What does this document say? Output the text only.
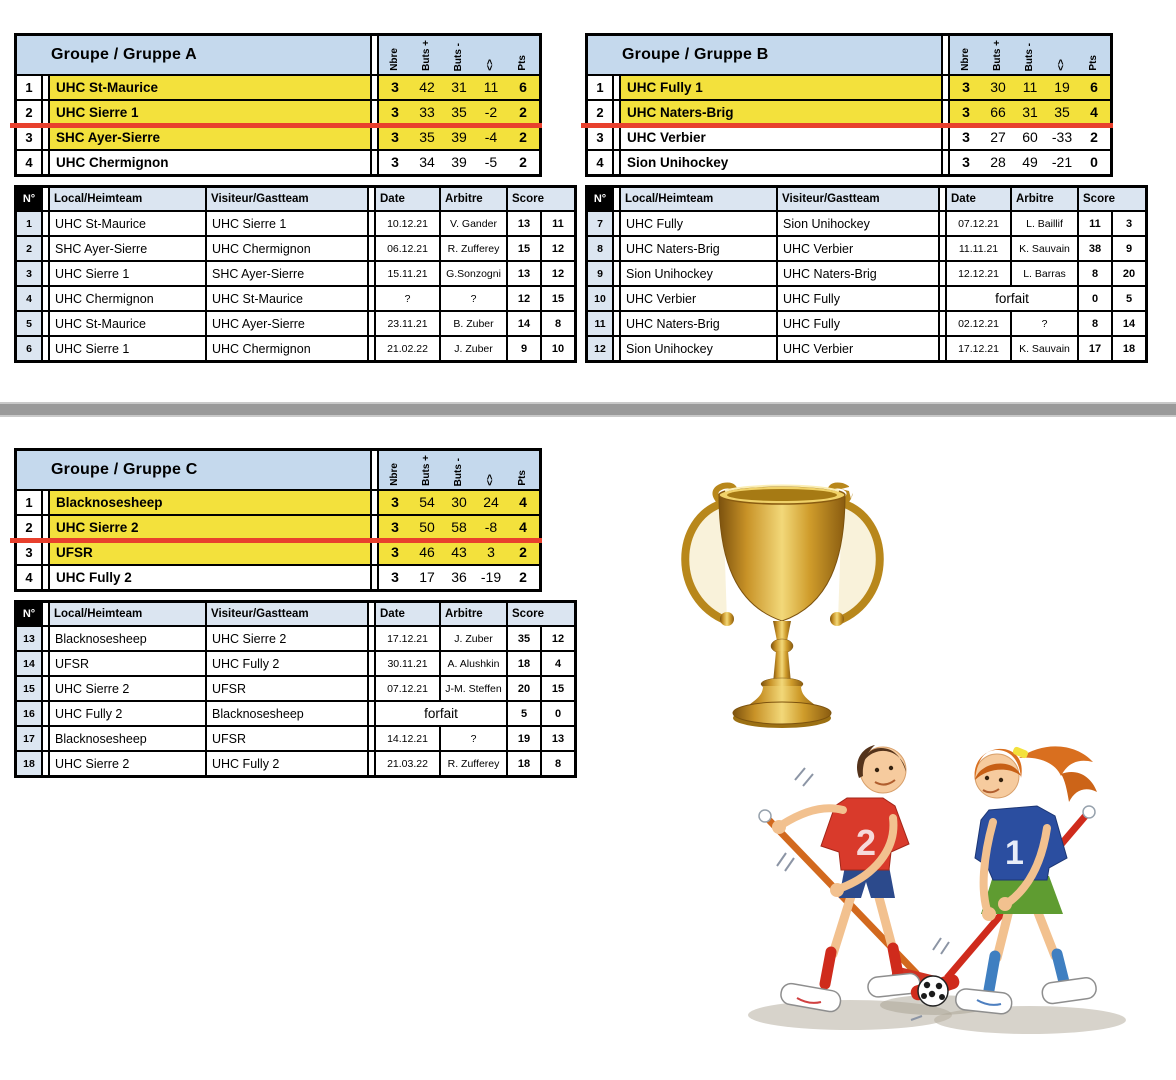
Groupe / Gruppe A	Nbre Buts + Buts - <> Pts
1	UHC St-Maurice	3	42	31	11	6
2	UHC Sierre 1	3	33	35	-2	2
3	SHC Ayer-Sierre	3	35	39	-4	2
4	UHC Chermignon	3	34	39	-5	2
Groupe / Gruppe B	Nbre Buts + Buts - <> Pts
1	UHC Fully 1	3	30	11	19	6
2	UHC Naters-Brig	3	66	31	35	4
3	UHC Verbier	3	27	60	-33	2
4	Sion Unihockey	3	28	49	-21	0
N°	Local/Heimteam	Visiteur/Gastteam	Date	Arbitre	Score
1	UHC St-Maurice	UHC Sierre 1	10.12.21	V. Gander	13	11
2	SHC Ayer-Sierre	UHC Chermignon	06.12.21	R. Zufferey	15	12
3	UHC Sierre 1	SHC Ayer-Sierre	15.11.21	G.Sonzogni	13	12
4	UHC Chermignon	UHC St-Maurice	?	?	12	15
5	UHC St-Maurice	UHC Ayer-Sierre	23.11.21	B. Zuber	14	8
6	UHC Sierre 1	UHC Chermignon	21.02.22	J. Zuber	9	10
N°	Local/Heimteam	Visiteur/Gastteam	Date	Arbitre	Score
7	UHC Fully	Sion Unihockey	07.12.21	L. Baillif	11	3
8	UHC Naters-Brig	UHC Verbier	11.11.21	K. Sauvain	38	9
9	Sion Unihockey	UHC Naters-Brig	12.12.21	L. Barras	8	20
10	UHC Verbier	UHC Fully	forfait	0	5
11	UHC Naters-Brig	UHC Fully	02.12.21	?	8	14
12	Sion Unihockey	UHC Verbier	17.12.21	K. Sauvain	17	18
Groupe / Gruppe C	Nbre Buts + Buts - <> Pts
1	Blacknosesheep	3	54	30	24	4
2	UHC Sierre 2	3	50	58	-8	4
3	UFSR	3	46	43	3	2
4	UHC Fully 2	3	17	36	-19	2
N°	Local/Heimteam	Visiteur/Gastteam	Date	Arbitre	Score
13	Blacknosesheep	UHC Sierre 2	17.12.21	J. Zuber	35	12
14	UFSR	UHC Fully 2	30.11.21	A. Alushkin	18	4
15	UHC Sierre 2	UFSR	07.12.21	J-M. Steffen	20	15
16	UHC Fully 2	Blacknosesheep	forfait	5	0
17	Blacknosesheep	UFSR	14.12.21	?	19	13
18	UHC Sierre 2	UHC Fully 2	21.03.22	R. Zufferey	18	8
2	1
